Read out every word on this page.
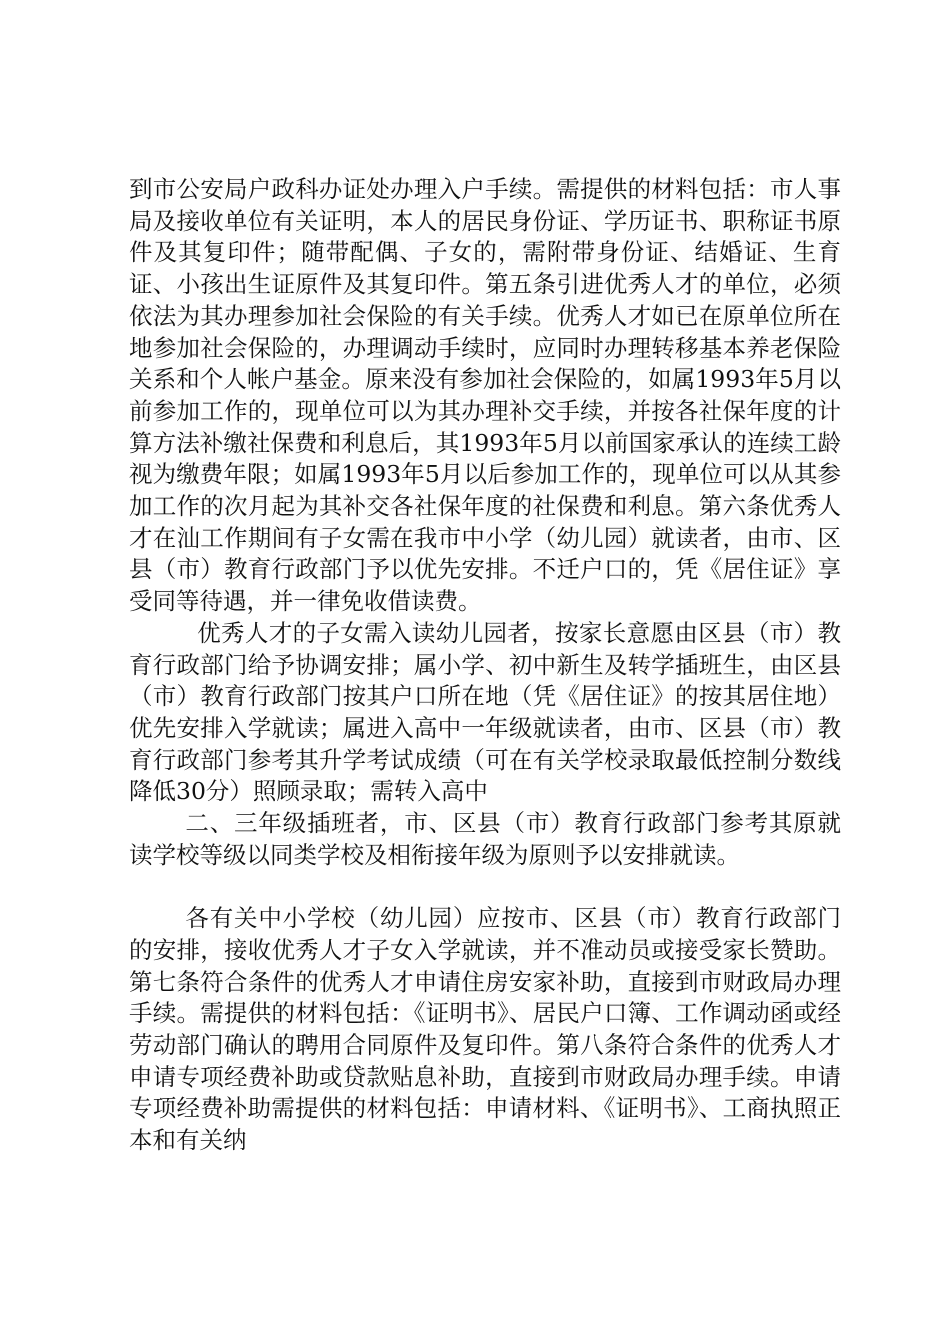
到市公安局户政科办证处办理入户手续。需提供的材料包括：市人事局及接收单位有关证明，本人的居民身份证、学历证书、职称证书原件及其复印件；随带配偶、子女的，需附带身份证、结婚证、生育证、小孩出生证原件及其复印件。第五条引进优秀人才的单位，必须依法为其办理参加社会保险的有关手续。优秀人才如已在原单位所在地参加社会保险的，办理调动手续时，应同时办理转移基本养老保险关系和个人帐户基金。原来没有参加社会保险的，如属1993年5月以前参加工作的，现单位可以为其办理补交手续，并按各社保年度的计算方法补缴社保费和利息后，其1993年5月以前国家承认的连续工龄视为缴费年限；如属1993年5月以后参加工作的，现单位可以从其参加工作的次月起为其补交各社保年度的社保费和利息。第六条优秀人才在汕工作期间有子女需在我市中小学（幼儿园）就读者，由市、区县（市）教育行政部门予以优先安排。不迁户口的，凭《居住证》享受同等待遇，并一律免收借读费。

优秀人才的子女需入读幼儿园者，按家长意愿由区县（市）教育行政部门给予协调安排；属小学、初中新生及转学插班生，由区县（市）教育行政部门按其户口所在地（凭《居住证》的按其居住地）优先安排入学就读；属进入高中一年级就读者，由市、区县（市）教育行政部门参考其升学考试成绩（可在有关学校录取最低控制分数线降低30分）照顾录取；需转入高中

二、三年级插班者，市、区县（市）教育行政部门参考其原就读学校等级以同类学校及相衔接年级为原则予以安排就读。

各有关中小学校（幼儿园）应按市、区县（市）教育行政部门的安排，接收优秀人才子女入学就读，并不准动员或接受家长赞助。第七条符合条件的优秀人才申请住房安家补助，直接到市财政局办理手续。需提供的材料包括：《证明书》、居民户口簿、工作调动函或经劳动部门确认的聘用合同原件及复印件。第八条符合条件的优秀人才申请专项经费补助或贷款贴息补助，直接到市财政局办理手续。申请专项经费补助需提供的材料包括：申请材料、《证明书》、工商执照正本和有关纳
